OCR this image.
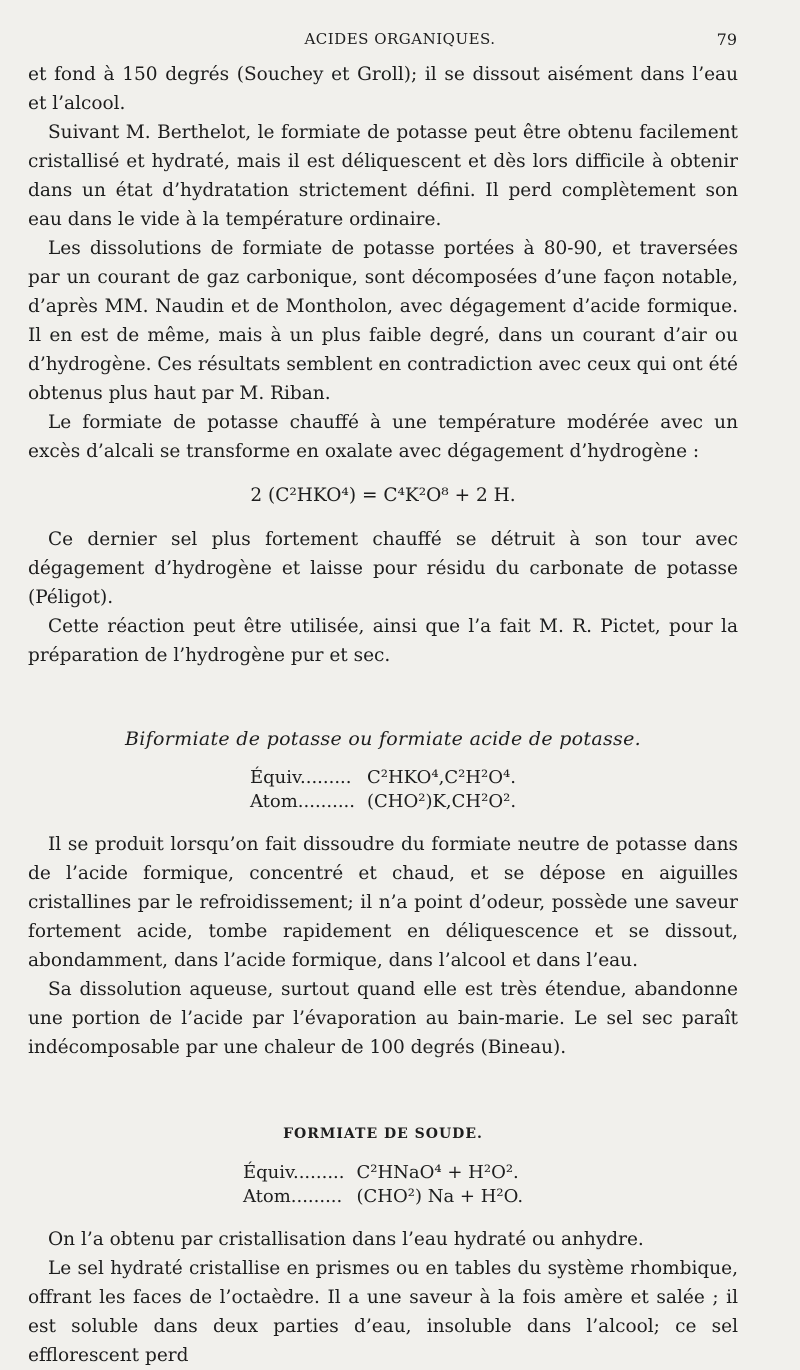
ACIDES ORGANIQUES.	79

et fond à 150 degrés (Souchey et Groll); il se dissout aisément dans l’eau et l’alcool.

Suivant M. Berthelot, le formiate de potasse peut être obtenu facilement cristallisé et hydraté, mais il est déliquescent et dès lors difficile à obtenir dans un état d’hydratation strictement défini. Il perd complètement son eau dans le vide à la température ordinaire.

Les dissolutions de formiate de potasse portées à 80-90, et traversées par un courant de gaz carbonique, sont décomposées d’une façon notable, d’après MM. Naudin et de Montholon, avec dégagement d’acide formique. Il en est de même, mais à un plus faible degré, dans un courant d’air ou d’hydrogène. Ces résultats semblent en contradiction avec ceux qui ont été obtenus plus haut par M. Riban.

Le formiate de potasse chauffé à une température modérée avec un excès d’alcali se transforme en oxalate avec dégagement d’hydrogène :

2 (C²HKO⁴) = C⁴K²O⁸ + 2 H.

Ce dernier sel plus fortement chauffé se détruit à son tour avec dégagement d’hydrogène et laisse pour résidu du carbonate de potasse (Péligot).

Cette réaction peut être utilisée, ainsi que l’a fait M. R. Pictet, pour la préparation de l’hydrogène pur et sec.

Biformiate de potasse ou formiate acide de potasse.
Équiv.........	C²HKO⁴,C²H²O⁴.
Atom..........	(CHO²)K,CH²O².

Il se produit lorsqu’on fait dissoudre du formiate neutre de potasse dans de l’acide formique, concentré et chaud, et se dépose en aiguilles cristallines par le refroidissement; il n’a point d’odeur, possède une saveur fortement acide, tombe rapidement en déliquescence et se dissout, abondamment, dans l’acide formique, dans l’alcool et dans l’eau.

Sa dissolution aqueuse, surtout quand elle est très étendue, abandonne une portion de l’acide par l’évaporation au bain-marie. Le sel sec paraît indécomposable par une chaleur de 100 degrés (Bineau).

FORMIATE DE SOUDE.
Équiv.........	C²HNaO⁴ + H²O².
Atom.........	(CHO²) Na + H²O.

On l’a obtenu par cristallisation dans l’eau hydraté ou anhydre.

Le sel hydraté cristallise en prismes ou en tables du système rhombique, offrant les faces de l’octaèdre. Il a une saveur à la fois amère et salée ; il est soluble dans deux parties d’eau, insoluble dans l’alcool; ce sel efflorescent perd
